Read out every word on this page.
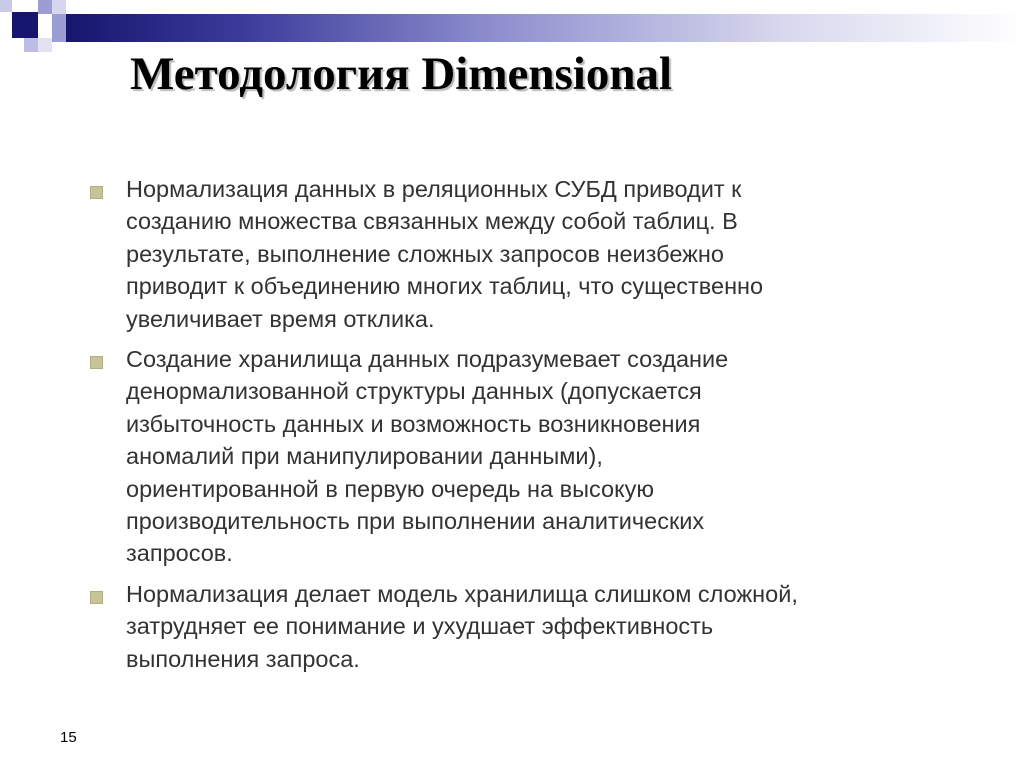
Методология Dimensional
Нормализация данных в реляционных СУБД приводит к
созданию множества связанных между собой таблиц. В
результате, выполнение сложных запросов неизбежно
приводит к объединению многих таблиц, что существенно
увеличивает время отклика.
Создание хранилища данных подразумевает создание
денормализованной структуры данных (допускается
избыточность данных и возможность возникновения
аномалий при манипулировании данными),
ориентированной в первую очередь на высокую
производительность при выполнении аналитических
запросов.
Нормализация делает модель хранилища слишком сложной,
затрудняет ее понимание и ухудшает эффективность
выполнения запроса.
15
